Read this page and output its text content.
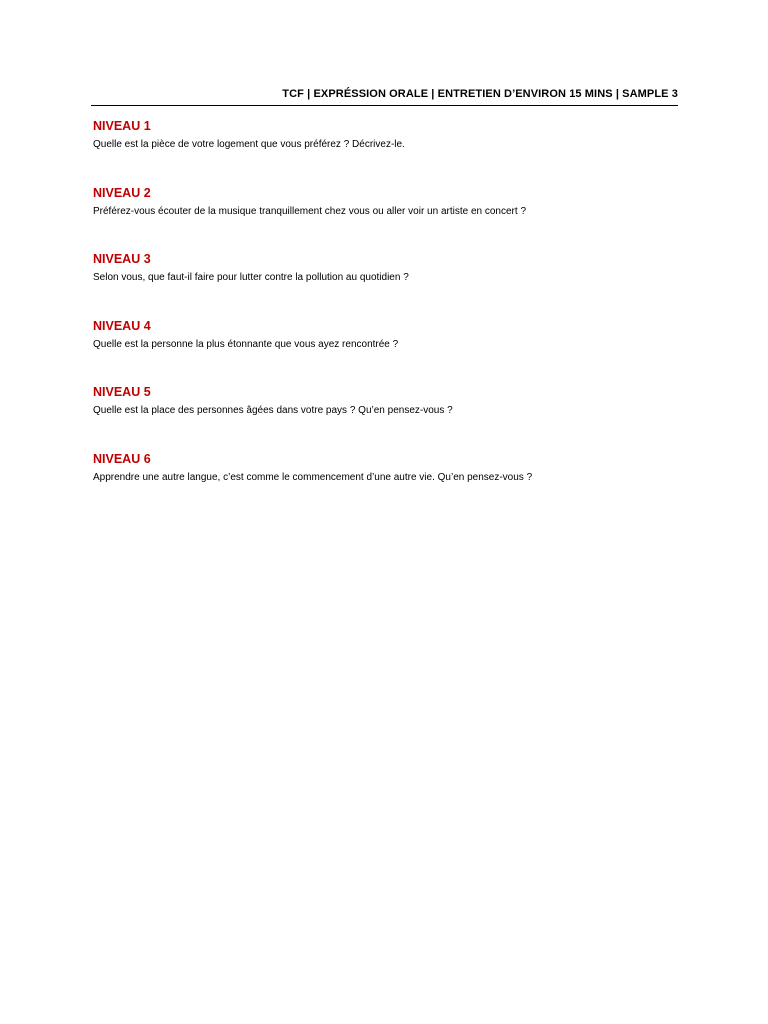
TCF | EXPRÉSSION ORALE | ENTRETIEN D’ENVIRON 15 MINS | SAMPLE 3
NIVEAU 1
Quelle est la pièce de votre logement que vous préférez ? Décrivez-le.
NIVEAU 2
Préférez-vous écouter de la musique tranquillement chez vous ou aller voir un artiste en concert ?
NIVEAU 3
Selon vous, que faut-il faire pour lutter contre la pollution au quotidien ?
NIVEAU 4
Quelle est la personne la plus étonnante que vous ayez rencontrée ?
NIVEAU 5
Quelle est la place des personnes âgées dans votre pays ? Qu’en pensez-vous ?
NIVEAU 6
Apprendre une autre langue, c’est comme le commencement d’une autre vie. Qu’en pensez-vous ?
